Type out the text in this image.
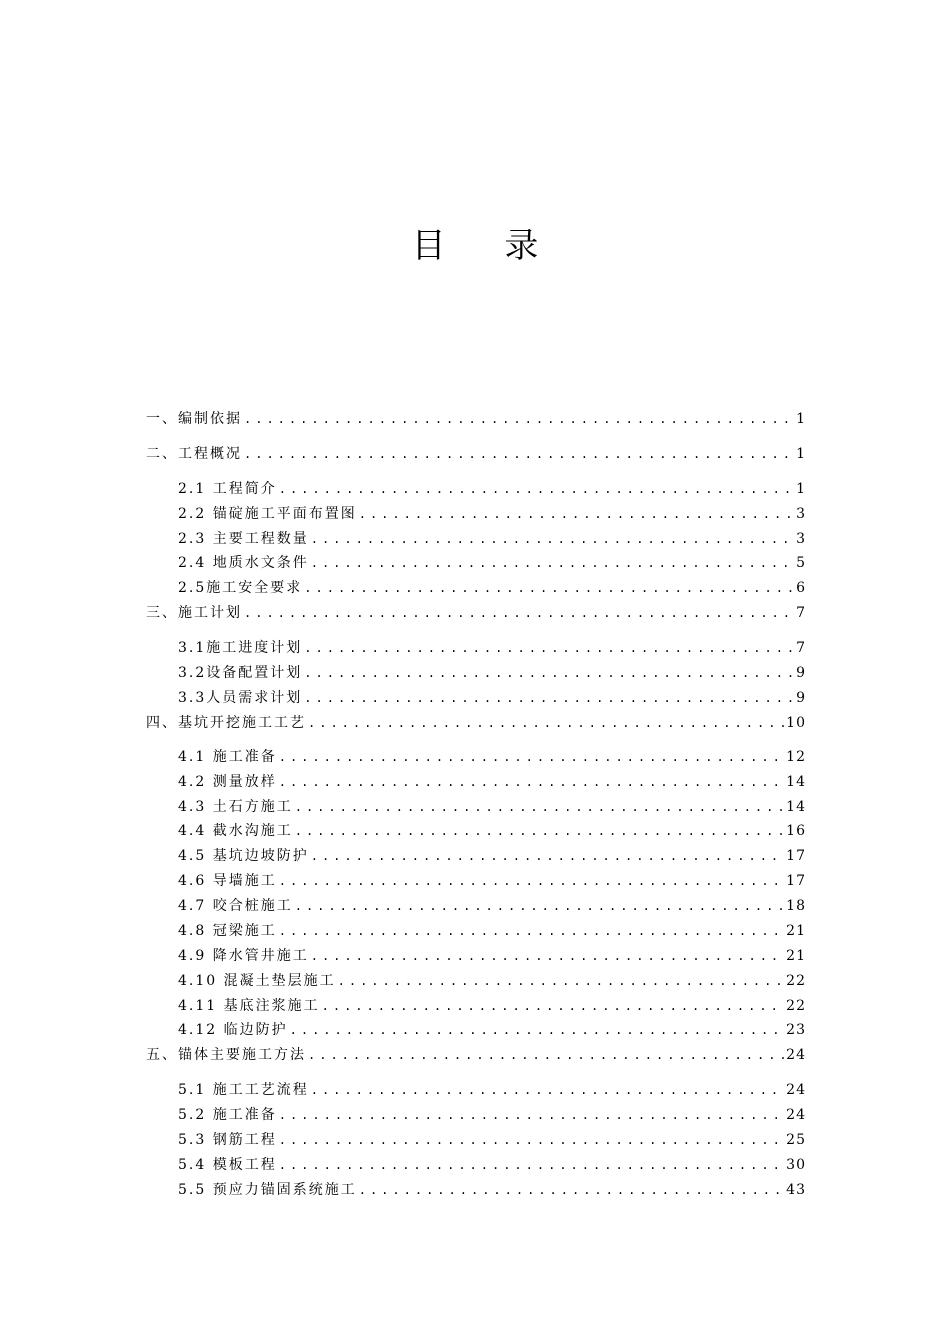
目 录
一、编制依据 .....	1
二、工程概况 .....	1
2.1 工程简介 .....	1
2.2 锚碇施工平面布置图 .....	3
2.3 主要工程数量 .....	3
2.4 地质水文条件 .....	5
2.5施工安全要求 .....	6
三、施工计划 .....	7
3.1施工进度计划 .....	7
3.2设备配置计划 .....	9
3.3人员需求计划 .....	9
四、基坑开挖施工工艺 .....	10
4.1 施工准备 .....	12
4.2 测量放样 .....	14
4.3 土石方施工 .....	14
4.4 截水沟施工 .....	16
4.5 基坑边坡防护 .....	17
4.6 导墙施工 .....	17
4.7 咬合桩施工 .....	18
4.8 冠梁施工 .....	21
4.9 降水管井施工 .....	21
4.10 混凝土垫层施工 .....	22
4.11 基底注浆施工 .....	22
4.12 临边防护 .....	23
五、锚体主要施工方法 .....	24
5.1 施工工艺流程 .....	24
5.2 施工准备 .....	24
5.3 钢筋工程 .....	25
5.4 模板工程 .....	30
5.5 预应力锚固系统施工 .....	43
